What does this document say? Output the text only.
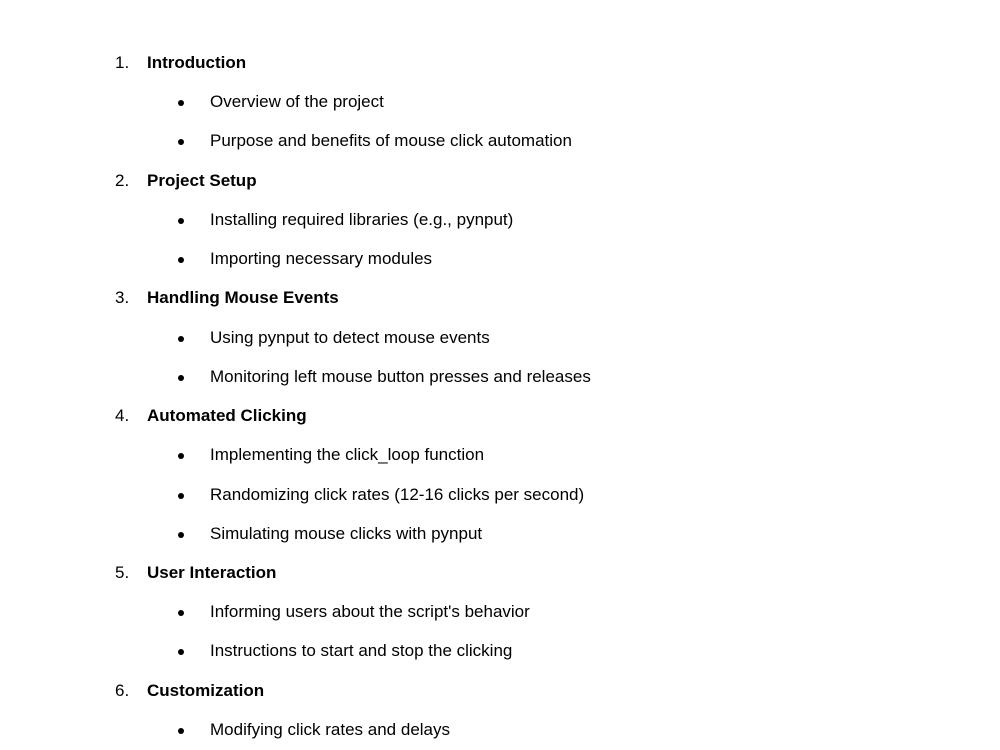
1. Introduction
Overview of the project
Purpose and benefits of mouse click automation
2. Project Setup
Installing required libraries (e.g., pynput)
Importing necessary modules
3. Handling Mouse Events
Using pynput to detect mouse events
Monitoring left mouse button presses and releases
4. Automated Clicking
Implementing the click_loop function
Randomizing click rates (12-16 clicks per second)
Simulating mouse clicks with pynput
5. User Interaction
Informing users about the script's behavior
Instructions to start and stop the clicking
6. Customization
Modifying click rates and delays
